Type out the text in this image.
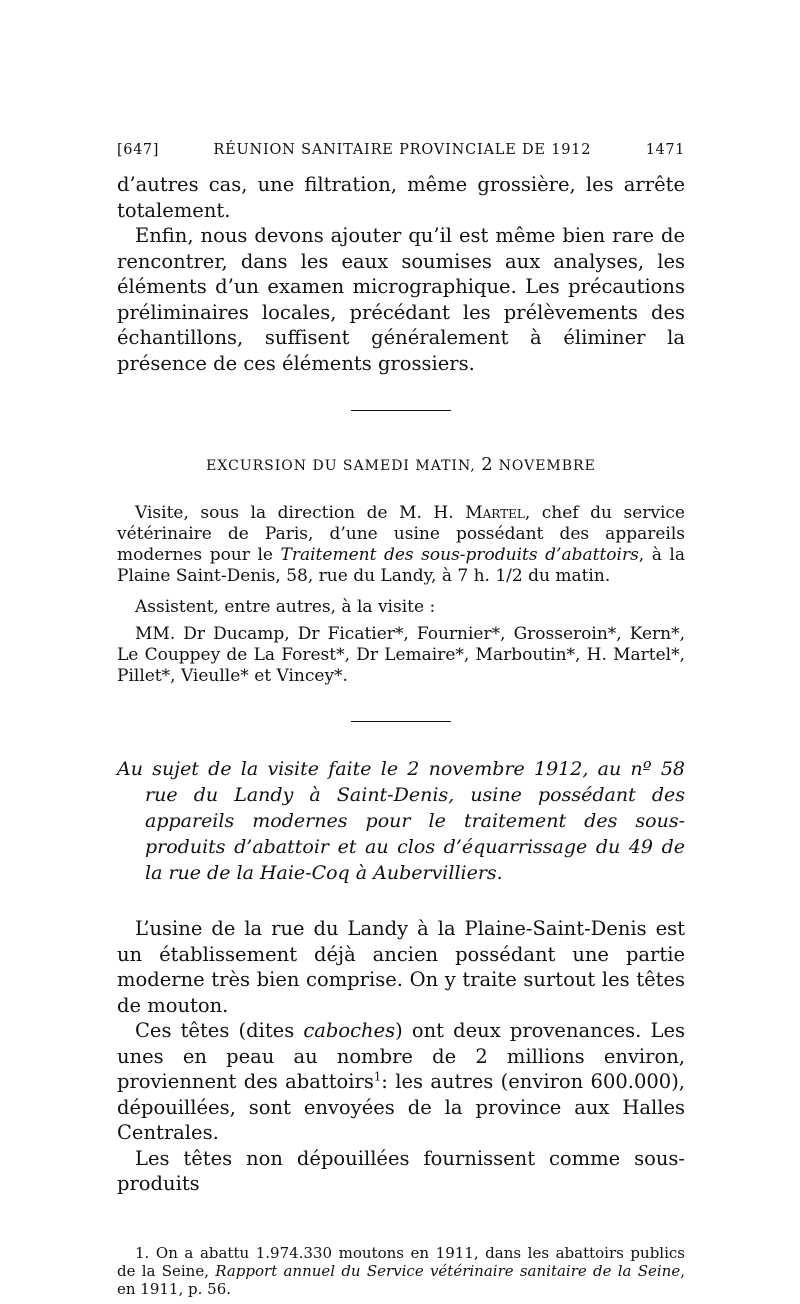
[647]	RÉUNION SANITAIRE PROVINCIALE DE 1912	1471

d’autres cas, une filtration, même grossière, les arrête totalement.

Enfin, nous devons ajouter qu’il est même bien rare de rencontrer, dans les eaux soumises aux analyses, les éléments d’un examen micrographique. Les précautions préliminaires locales, précédant les prélèvements des échantillons, suffisent généralement à éliminer la présence de ces éléments grossiers.

EXCURSION DU SAMEDI MATIN, 2 NOVEMBRE

Visite, sous la direction de M. H. Martel, chef du service vétérinaire de Paris, d’une usine possédant des appareils modernes pour le Traitement des sous-produits d’abattoirs, à la Plaine Saint-Denis, 58, rue du Landy, à 7 h. 1/2 du matin.

Assistent, entre autres, à la visite :

MM. Dr Ducamp, Dr Ficatier*, Fournier*, Grosseroin*, Kern*, Le Couppey de La Forest*, Dr Lemaire*, Marboutin*, H. Martel*, Pillet*, Vieulle* et Vincey*.

Au sujet de la visite faite le 2 novembre 1912, au nº 58 rue du Landy à Saint-Denis, usine possédant des appareils modernes pour le traitement des sous-produits d’abattoir et au clos d’équarrissage du 49 de la rue de la Haie-Coq à Aubervilliers.

L’usine de la rue du Landy à la Plaine-Saint-Denis est un établissement déjà ancien possédant une partie moderne très bien comprise. On y traite surtout les têtes de mouton.

Ces têtes (dites caboches) ont deux provenances. Les unes en peau au nombre de 2 millions environ, proviennent des abattoirs$^1$: les autres (environ 600.000), dépouillées, sont envoyées de la province aux Halles Centrales.

Les têtes non dépouillées fournissent comme sous-produits

1. On a abattu 1.974.330 moutons en 1911, dans les abattoirs publics de la Seine, Rapport annuel du Service vétérinaire sanitaire de la Seine, en 1911, p. 56.
